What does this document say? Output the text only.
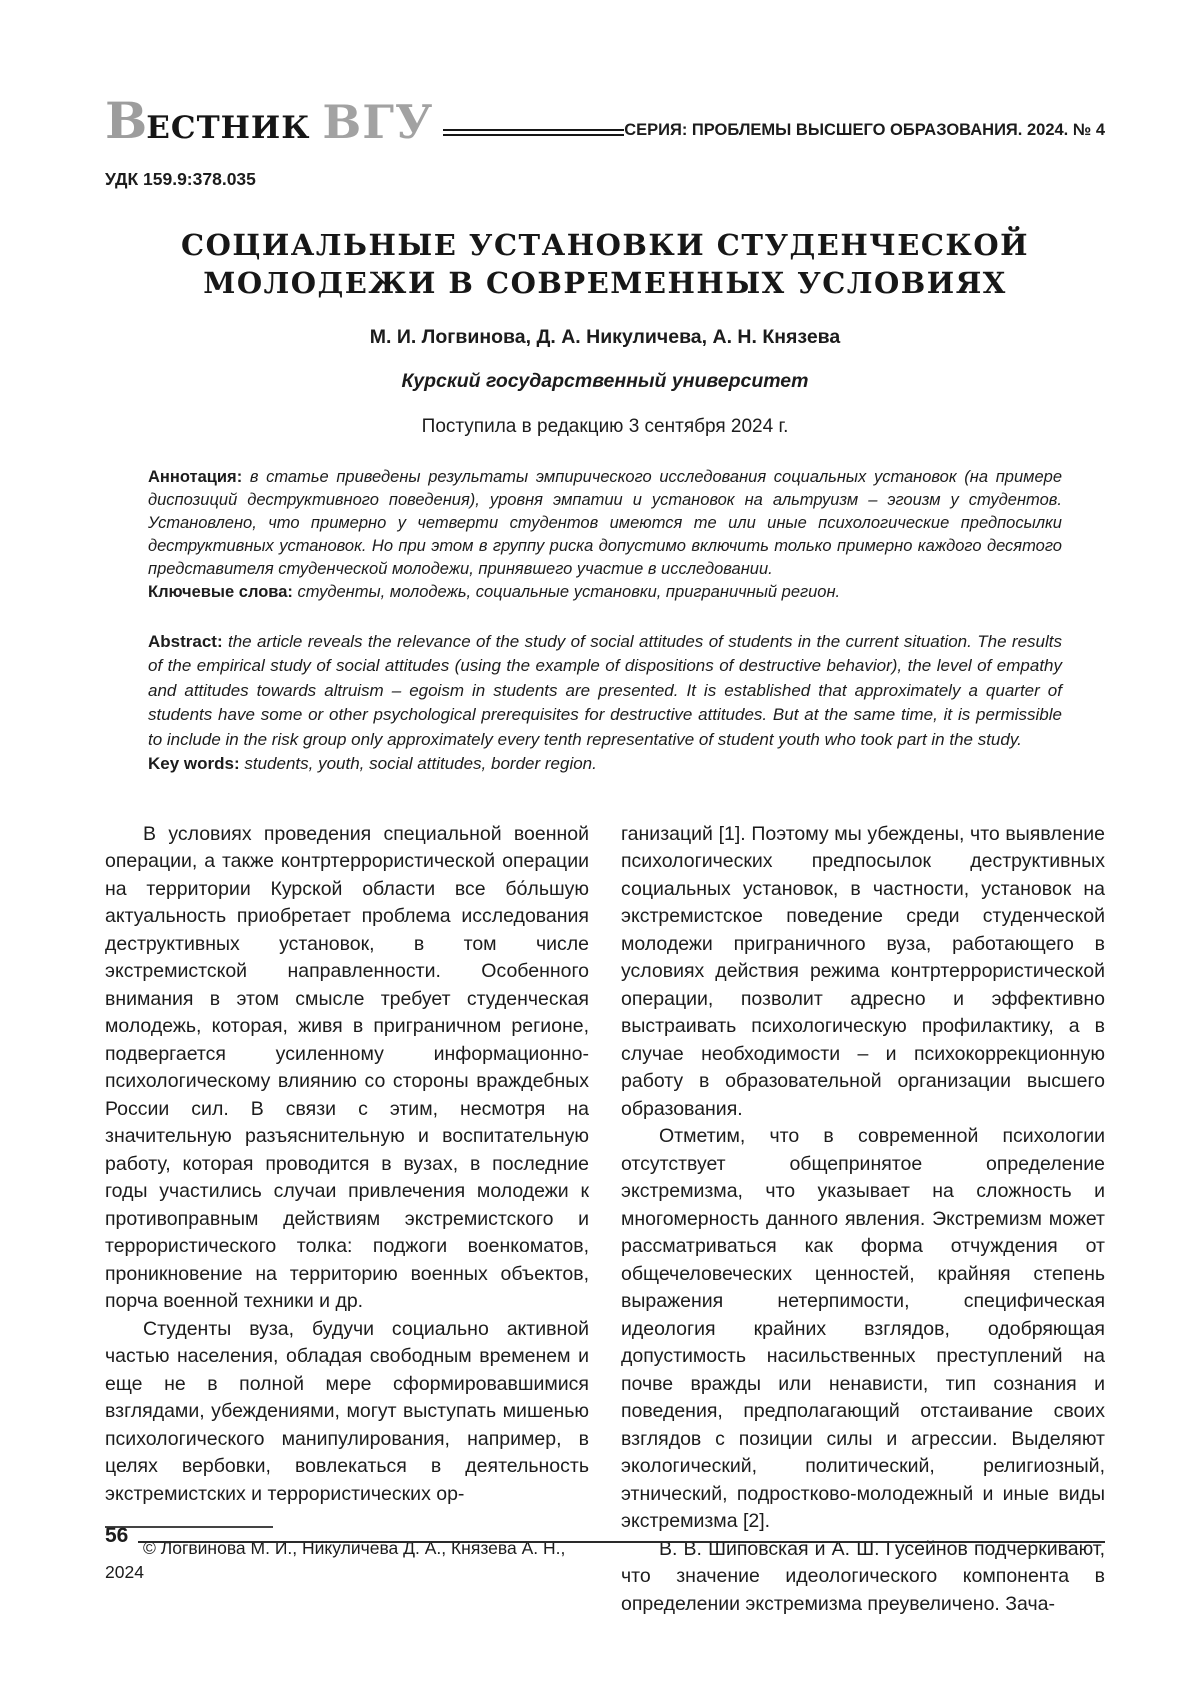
ВЕСТНИК ВГУ	СЕРИЯ: ПРОБЛЕМЫ ВЫСШЕГО ОБРАЗОВАНИЯ. 2024. № 4
УДК 159.9:378.035
СОЦИАЛЬНЫЕ УСТАНОВКИ СТУДЕНЧЕСКОЙ
МОЛОДЕЖИ В СОВРЕМЕННЫХ УСЛОВИЯХ
М. И. Логвинова, Д. А. Никуличева, А. Н. Князева
Курский государственный университет
Поступила в редакцию 3 сентября 2024 г.

Аннотация: в статье приведены результаты эмпирического исследования социальных установок (на примере диспозиций деструктивного поведения), уровня эмпатии и установок на альтруизм – эгоизм у студентов. Установлено, что примерно у четверти студентов имеются те или иные психологические предпосылки деструктивных установок. Но при этом в группу риска допустимо включить только примерно каждого десятого представителя студенческой молодежи, принявшего участие в исследовании.

Ключевые слова: студенты, молодежь, социальные установки, приграничный регион.

Abstract: the article reveals the relevance of the study of social attitudes of students in the current situation. The results of the empirical study of social attitudes (using the example of dispositions of destructive behavior), the level of empathy and attitudes towards altruism – egoism in students are presented. It is established that approximately a quarter of students have some or other psychological prerequisites for destructive attitudes. But at the same time, it is permissible to include in the risk group only approximately every tenth representative of student youth who took part in the study.

Key words: students, youth, social attitudes, border region.

В условиях проведения специальной военной операции, а также контртеррористической операции на территории Курской области все бо́льшую актуальность приобретает проблема исследования деструктивных установок, в том числе экстремистской направленности. Особенного внимания в этом смысле требует студенческая молодежь, которая, живя в приграничном регионе, подвергается усиленному информационно-психологическому влиянию со стороны враждебных России сил. В связи с этим, несмотря на значительную разъяснительную и воспитательную работу, которая проводится в вузах, в последние годы участились случаи привлечения молодежи к противоправным действиям экстремистского и террористического толка: поджоги военкоматов, проникновение на территорию военных объектов, порча военной техники и др.

Студенты вуза, будучи социально активной частью населения, обладая свободным временем и еще не в полной мере сформировавшимися взглядами, убеждениями, могут выступать мишенью психологического манипулирования, например, в целях вербовки, вовлекаться в деятельность экстремистских и террористических ор-

© Логвинова М. И., Никуличева Д. А., Князева А. Н., 2024

ганизаций [1]. Поэтому мы убеждены, что выявление психологических предпосылок деструктивных социальных установок, в частности, установок на экстремистское поведение среди студенческой молодежи приграничного вуза, работающего в условиях действия режима контртеррористической операции, позволит адресно и эффективно выстраивать психологическую профилактику, а в случае необходимости – и психокоррекционную работу в образовательной организации высшего образования.

Отметим, что в современной психологии отсутствует общепринятое определение экстремизма, что указывает на сложность и многомерность данного явления. Экстремизм может рассматриваться как форма отчуждения от общечеловеческих ценностей, крайняя степень выражения нетерпимости, специфическая идеология крайних взглядов, одобряющая допустимость насильственных преступлений на почве вражды или ненависти, тип сознания и поведения, предполагающий отстаивание своих взглядов с позиции силы и агрессии. Выделяют экологический, политический, религиозный, этнический, подростково-молодежный и иные виды экстремизма [2].

В. В. Шиповская и А. Ш. Гусейнов подчеркивают, что значение идеологического компонента в определении экстремизма преувеличено. Зача-

56
